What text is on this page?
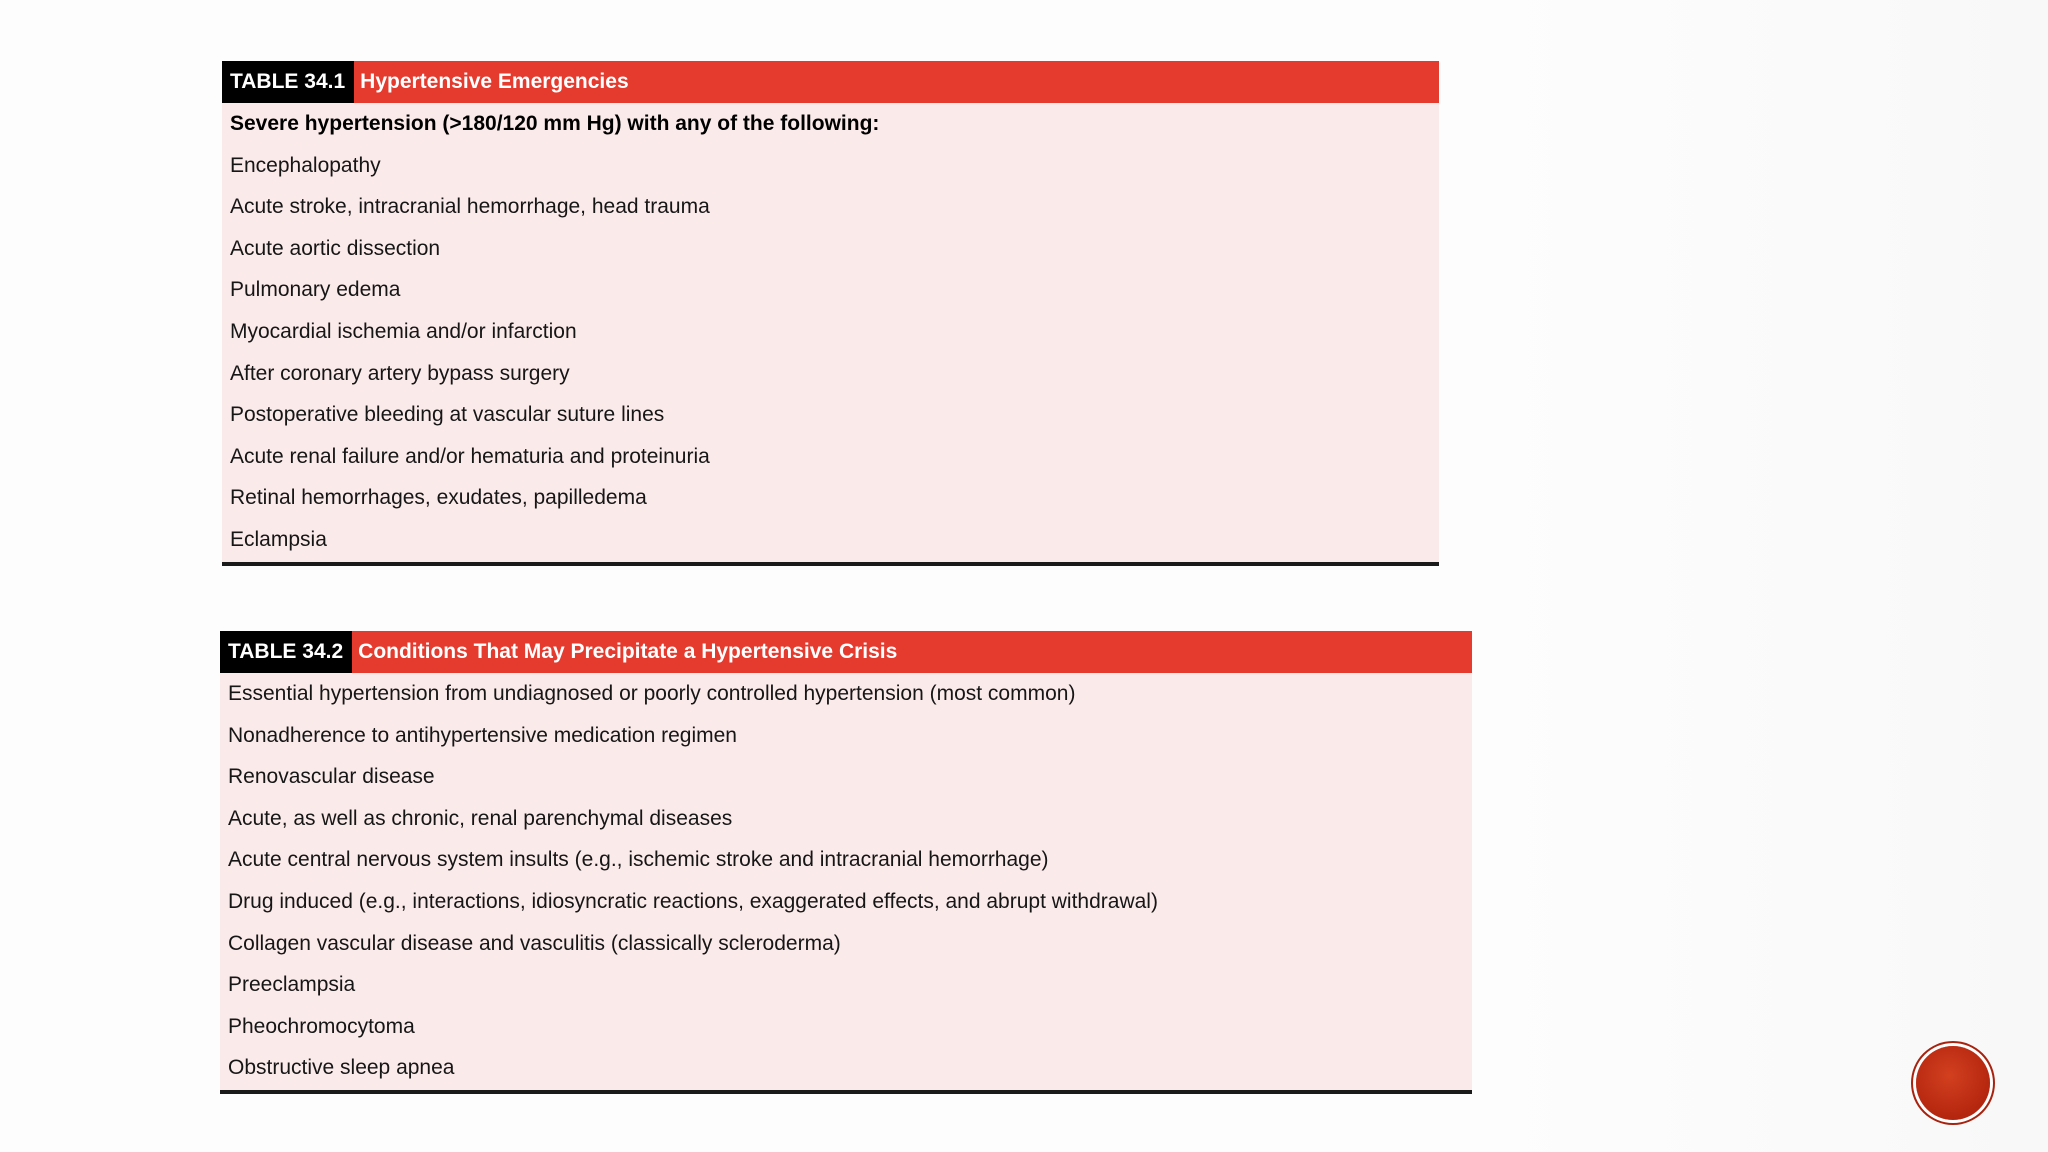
TABLE 34.1 Hypertensive Emergencies
Severe hypertension (>180/120 mm Hg) with any of the following:
Encephalopathy
Acute stroke, intracranial hemorrhage, head trauma
Acute aortic dissection
Pulmonary edema
Myocardial ischemia and/or infarction
After coronary artery bypass surgery
Postoperative bleeding at vascular suture lines
Acute renal failure and/or hematuria and proteinuria
Retinal hemorrhages, exudates, papilledema
Eclampsia
TABLE 34.2 Conditions That May Precipitate a Hypertensive Crisis
Essential hypertension from undiagnosed or poorly controlled hypertension (most common)
Nonadherence to antihypertensive medication regimen
Renovascular disease
Acute, as well as chronic, renal parenchymal diseases
Acute central nervous system insults (e.g., ischemic stroke and intracranial hemorrhage)
Drug induced (e.g., interactions, idiosyncratic reactions, exaggerated effects, and abrupt withdrawal)
Collagen vascular disease and vasculitis (classically scleroderma)
Preeclampsia
Pheochromocytoma
Obstructive sleep apnea
